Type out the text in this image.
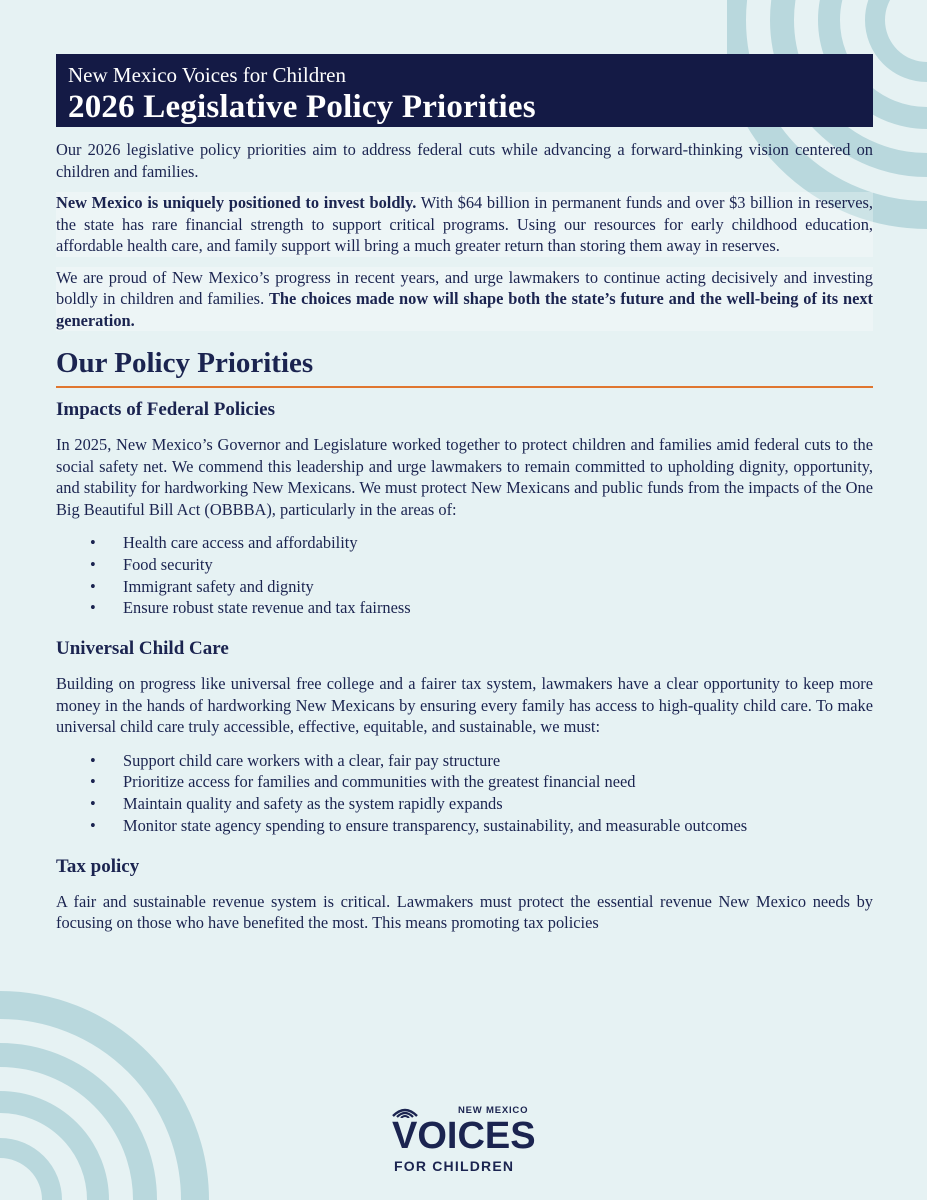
New Mexico Voices for Children
2026 Legislative Policy Priorities

Our 2026 legislative policy priorities aim to address federal cuts while advancing a forward-thinking vision centered on children and families.

New Mexico is uniquely positioned to invest boldly. With $64 billion in permanent funds and over $3 billion in reserves, the state has rare financial strength to support critical programs. Using our resources for early childhood education, affordable health care, and family support will bring a much greater return than storing them away in reserves.

We are proud of New Mexico’s progress in recent years, and urge lawmakers to continue acting decisively and investing boldly in children and families. The choices made now will shape both the state’s future and the well-being of its next generation.

Our Policy Priorities
Impacts of Federal Policies

In 2025, New Mexico’s Governor and Legislature worked together to protect children and families amid federal cuts to the social safety net. We commend this leadership and urge lawmakers to remain committed to upholding dignity, opportunity, and stability for hardworking New Mexicans. We must protect New Mexicans and public funds from the impacts of the One Big Beautiful Bill Act (OBBBA), particularly in the areas of:

• Health care access and affordability
• Food security
• Immigrant safety and dignity
• Ensure robust state revenue and tax fairness
Universal Child Care

Building on progress like universal free college and a fairer tax system, lawmakers have a clear opportunity to keep more money in the hands of hardworking New Mexicans by ensuring every family has access to high-quality child care. To make universal child care truly accessible, effective, equitable, and sustainable, we must:

• Support child care workers with a clear, fair pay structure
• Prioritize access for families and communities with the greatest financial need
• Maintain quality and safety as the system rapidly expands
• Monitor state agency spending to ensure transparency, sustainability, and measurable outcomes
Tax policy

A fair and sustainable revenue system is critical. Lawmakers must protect the essential revenue New Mexico needs by focusing on those who have benefited the most. This means promoting tax policies

NEW MEXICO
VOICES
FOR CHILDREN
